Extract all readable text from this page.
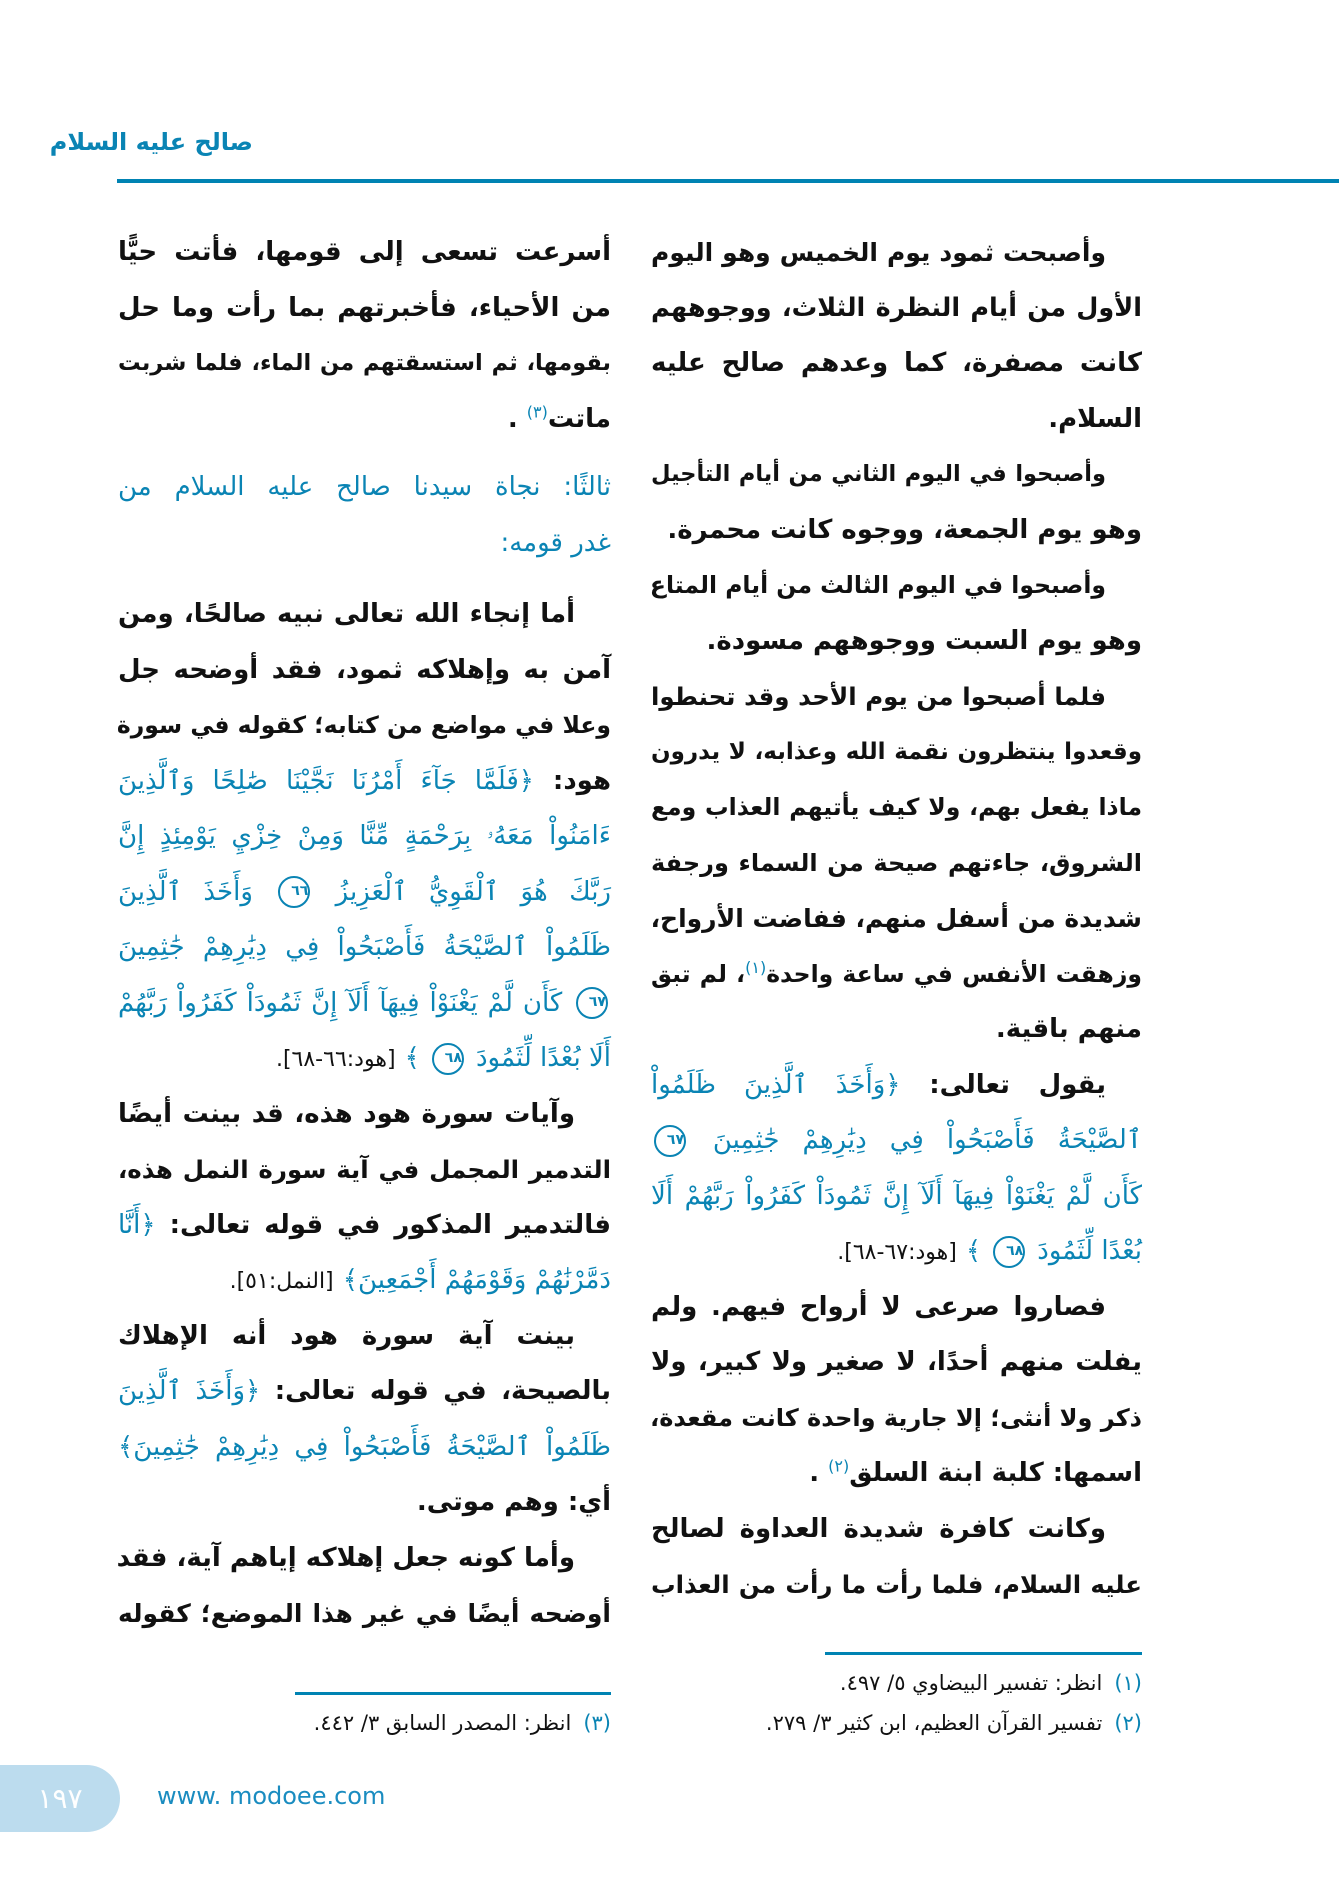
صالح عليه السلام
وأصبحت ثمود يوم الخميس وهو اليوم
الأول من أيام النظرة الثلاث، ووجوههم
كانت مصفرة، كما وعدهم صالح عليه
السلام.
وأصبحوا في اليوم الثاني من أيام التأجيل
وهو يوم الجمعة، ووجوه كانت محمرة.
وأصبحوا في اليوم الثالث من أيام المتاع
وهو يوم السبت ووجوههم مسودة.
فلما أصبحوا من يوم الأحد وقد تحنطوا
وقعدوا ينتظرون نقمة الله وعذابه، لا يدرون
ماذا يفعل بهم، ولا كيف يأتيهم العذاب ومع
الشروق، جاءتهم صيحة من السماء ورجفة
شديدة من أسفل منهم، ففاضت الأرواح،
وزهقت الأنفس في ساعة واحدة$^{(١)}$، لم تبق
منهم باقية.
يقول تعالى: ﴿وَأَخَذَ ٱلَّذِينَ ظَلَمُواْ
ٱلصَّيْحَةُ فَأَصْبَحُواْ فِي دِيَٰرِهِمْ جَٰثِمِينَ ٦٧
كَأَن لَّمْ يَغْنَوْاْ فِيهَآ أَلَآ إِنَّ ثَمُودَاْ كَفَرُواْ رَبَّهُمْ أَلَا
بُعْدًا لِّثَمُودَ ٦٨ ﴾ [هود:٦٧-٦٨].
فصاروا صرعى لا أرواح فيهم. ولم
يفلت منهم أحدًا، لا صغير ولا كبير، ولا
ذكر ولا أنثى؛ إلا جارية واحدة كانت مقعدة،
اسمها: كلبة ابنة السلق$^{(٢)}$ .
وكانت كافرة شديدة العداوة لصالح
عليه السلام، فلما رأت ما رأت من العذاب
أسرعت تسعى إلى قومها، فأتت حيًّا
من الأحياء، فأخبرتهم بما رأت وما حل
بقومها، ثم استسقتهم من الماء، فلما شربت
ماتت$^{(٣)}$ .
ثالثًا: نجاة سيدنا صالح عليه السلام من
غدر قومه:
أما إنجاء الله تعالى نبيه صالحًا، ومن
آمن به وإهلاكه ثمود، فقد أوضحه جل
وعلا في مواضع من كتابه؛ كقوله في سورة
هود: ﴿فَلَمَّا جَآءَ أَمْرُنَا نَجَّيْنَا صَٰلِحًا وَٱلَّذِينَ
ءَامَنُواْ مَعَهُۥ بِرَحْمَةٍ مِّنَّا وَمِنْ خِزْيِ يَوْمِئِذٍ إِنَّ
رَبَّكَ هُوَ ٱلْقَوِيُّ ٱلْعَزِيزُ ٦٦ وَأَخَذَ ٱلَّذِينَ
ظَلَمُواْ ٱلصَّيْحَةُ فَأَصْبَحُواْ فِي دِيَٰرِهِمْ جَٰثِمِينَ
٦٧ كَأَن لَّمْ يَغْنَوْاْ فِيهَآ أَلَآ إِنَّ ثَمُودَاْ كَفَرُواْ رَبَّهُمْ
أَلَا بُعْدًا لِّثَمُودَ ٦٨ ﴾ [هود:٦٦-٦٨].
وآيات سورة هود هذه، قد بينت أيضًا
التدمير المجمل في آية سورة النمل هذه،
فالتدمير المذكور في قوله تعالى: ﴿أَنَّا
دَمَّرْنَٰهُمْ وَقَوْمَهُمْ أَجْمَعِينَ﴾ [النمل:٥١].
بينت آية سورة هود أنه الإهلاك
بالصيحة، في قوله تعالى: ﴿وَأَخَذَ ٱلَّذِينَ
ظَلَمُواْ ٱلصَّيْحَةُ فَأَصْبَحُواْ فِي دِيَٰرِهِمْ جَٰثِمِينَ﴾
أي: وهم موتى.
وأما كونه جعل إهلاكه إياهم آية، فقد
أوضحه أيضًا في غير هذا الموضع؛ كقوله
(١)انظر: تفسير البيضاوي ٥/ ٤٩٧.
(٢)تفسير القرآن العظيم، ابن كثير ٣/ ٢٧٩.
(٣)انظر: المصدر السابق ٣/ ٤٤٢.
١٩٧	www. modoee.com
